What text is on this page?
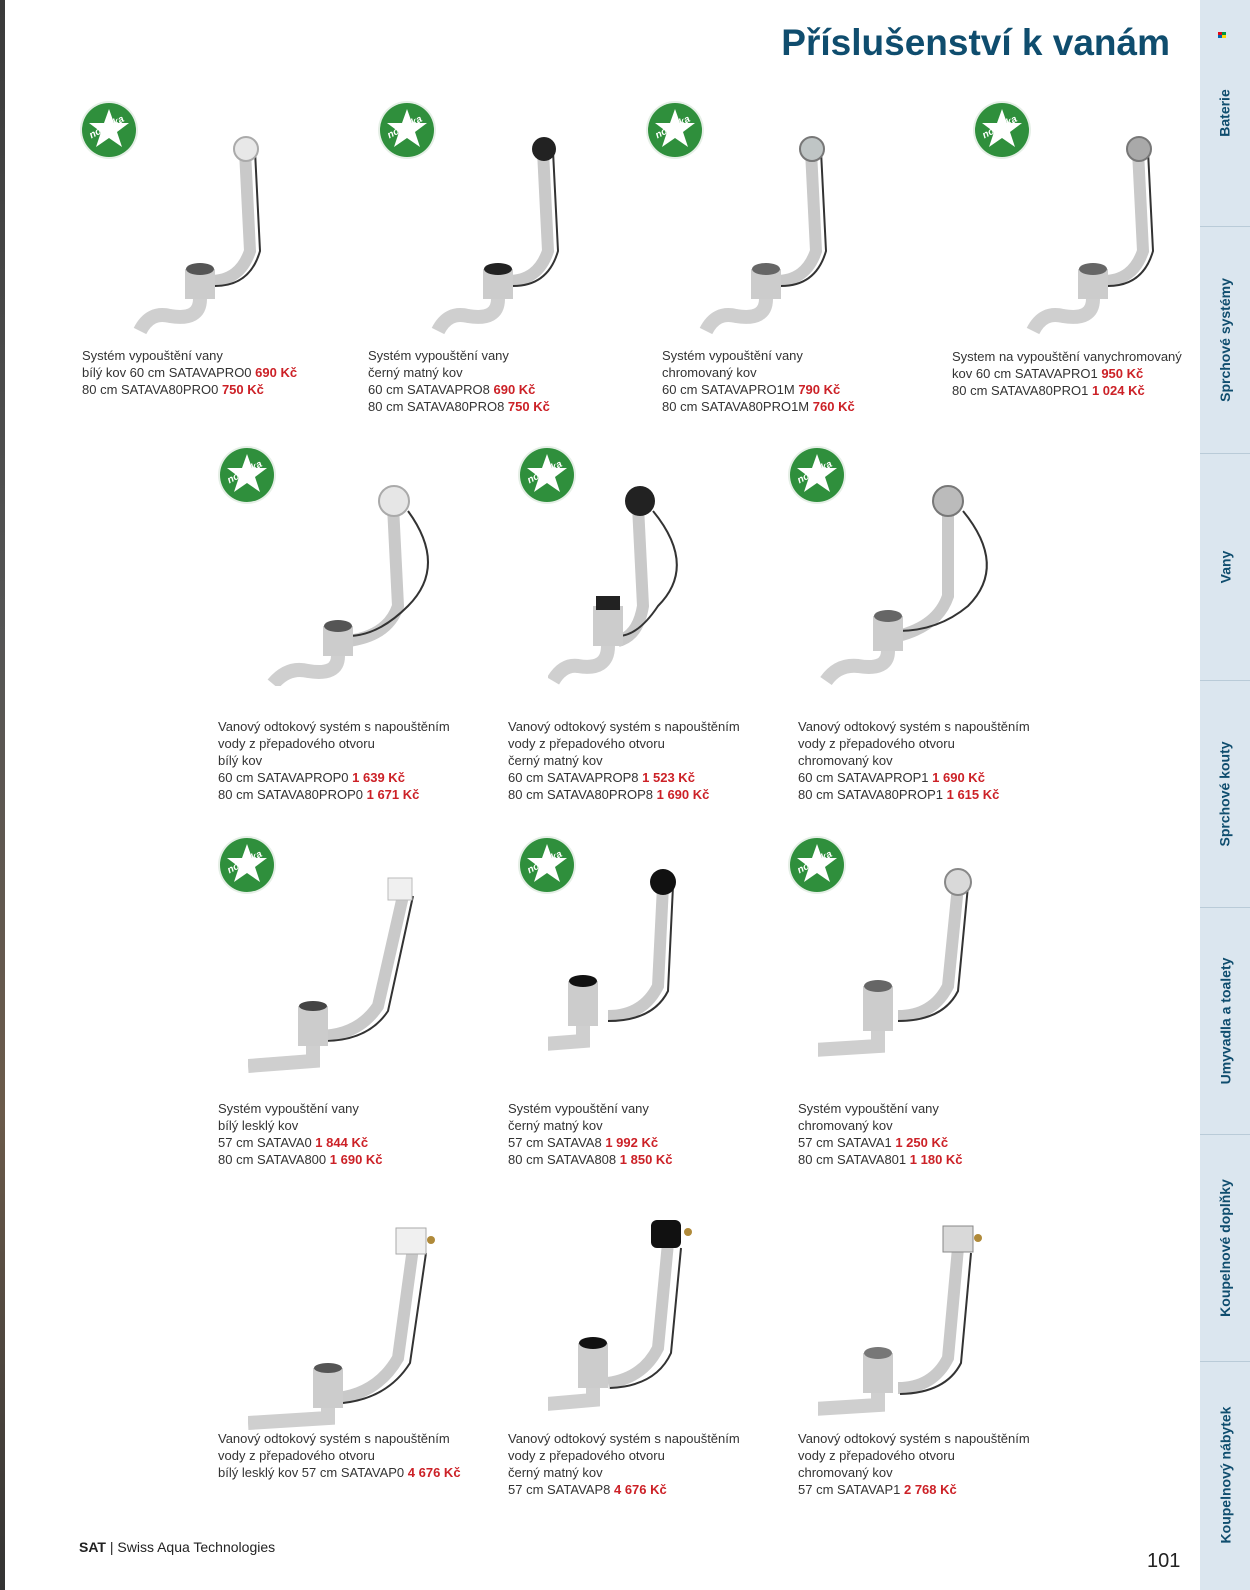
Příslušenství k vanám
Baterie
Sprchové systémy
Vany
Sprchové kouty
Umyvadla a toalety
Koupelnové doplňky
Koupelnový nábytek
novinka
Systém vypouštění vany
bílý kov 60 cm SATAVAPRO0 690 Kč
80 cm SATAVA80PRO0 750 Kč
novinka
Systém vypouštění vany
černý matný kov
60 cm SATAVAPRO8 690 Kč
80 cm SATAVA80PRO8 750 Kč
novinka
Systém vypouštění vany
chromovaný kov
60 cm SATAVAPRO1M 790 Kč
80 cm SATAVA80PRO1M 760 Kč
novinka
System na vypouštění vanychromovaný
kov 60 cm SATAVAPRO1 950 Kč
80 cm SATAVA80PRO1 1 024 Kč
novinka
Vanový odtokový systém s napouštěním
vody z přepadového otvoru
bílý kov
60 cm SATAVAPROP0 1 639 Kč
80 cm SATAVA80PROP0 1 671 Kč
novinka
Vanový odtokový systém s napouštěním
vody z přepadového otvoru
černý matný kov
60 cm SATAVAPROP8 1 523 Kč
80 cm SATAVA80PROP8 1 690 Kč
novinka
Vanový odtokový systém s napouštěním
vody z přepadového otvoru
chromovaný kov
60 cm SATAVAPROP1 1 690 Kč
80 cm SATAVA80PROP1 1 615 Kč
novinka
Systém vypouštění vany
bílý lesklý kov
57 cm SATAVA0 1 844 Kč
80 cm SATAVA800 1 690 Kč
novinka
Systém vypouštění vany
černý matný kov
57 cm SATAVA8 1 992 Kč
80 cm SATAVA808 1 850 Kč
novinka
Systém vypouštění vany
chromovaný kov
57 cm SATAVA1 1 250 Kč
80 cm SATAVA801 1 180 Kč
Vanový odtokový systém s napouštěním
vody z přepadového otvoru
bílý lesklý kov 57 cm SATAVAP0 4 676 Kč
Vanový odtokový systém s napouštěním
vody z přepadového otvoru
černý matný kov
57 cm SATAVAP8 4 676 Kč
Vanový odtokový systém s napouštěním
vody z přepadového otvoru
chromovaný kov
57 cm SATAVAP1 2 768 Kč
SAT | Swiss Aqua Technologies
101
